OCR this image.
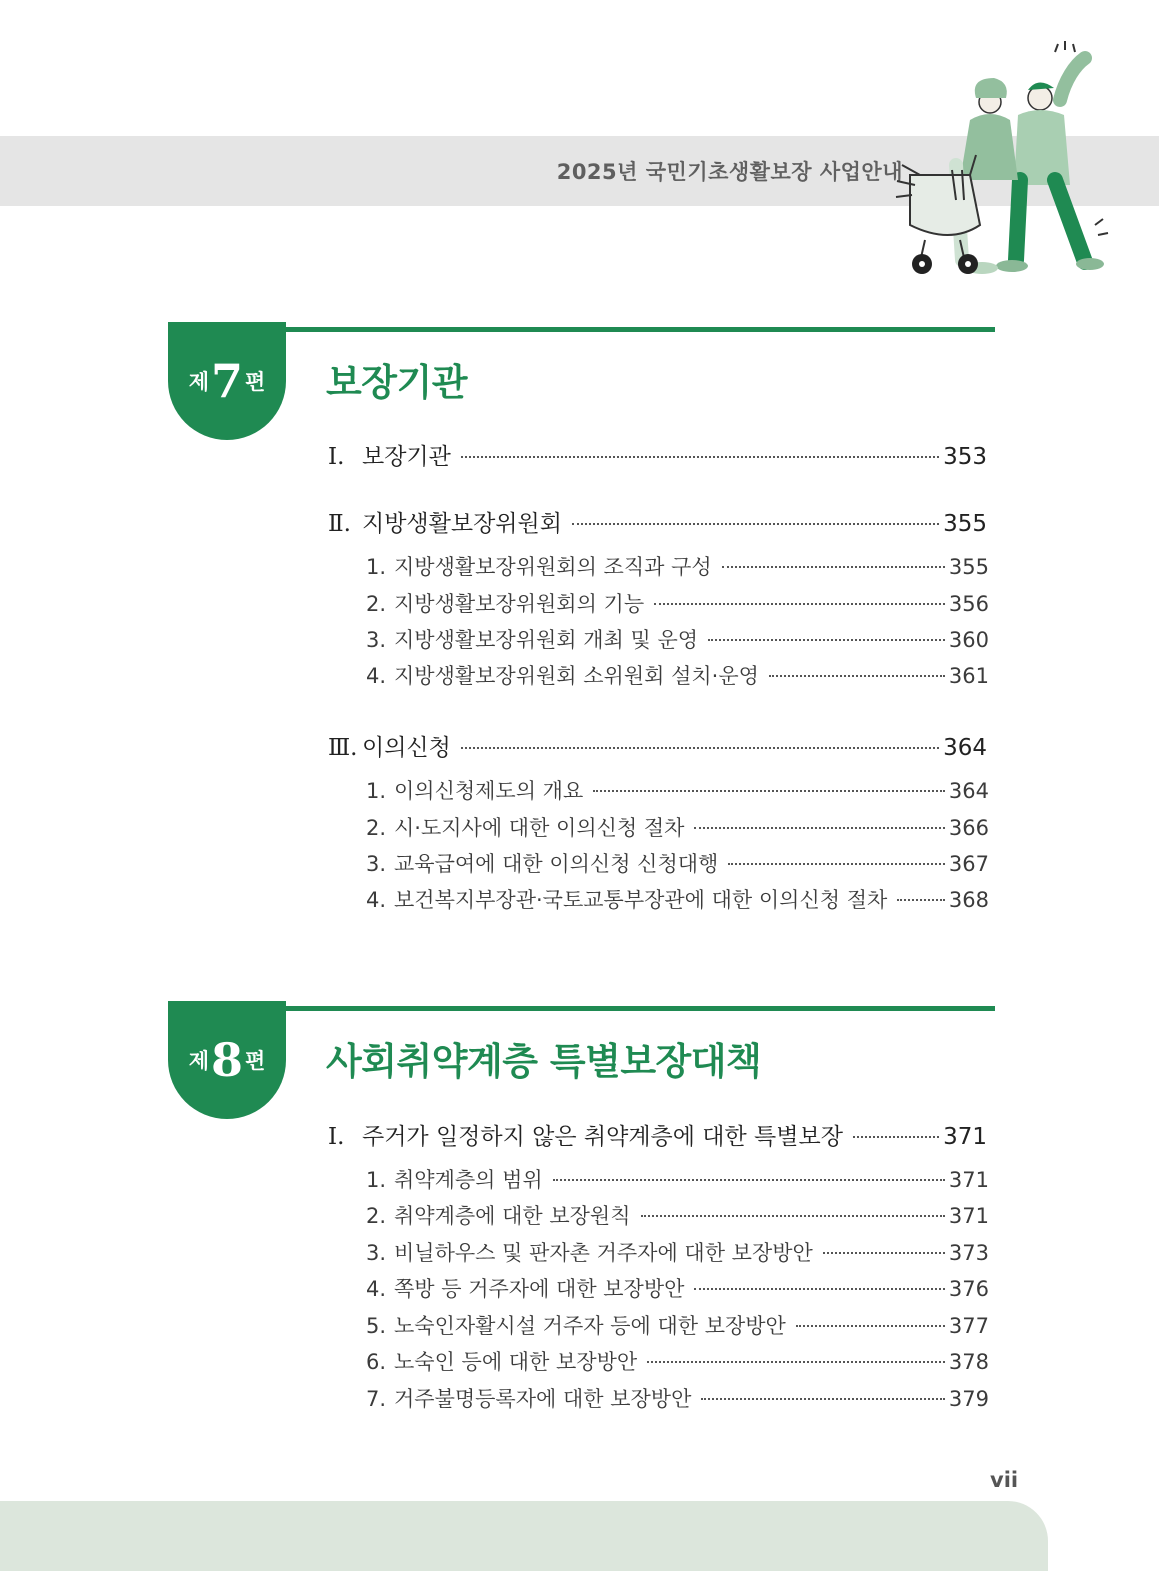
2025년 국민기초생활보장 사업안내
제 7 편 보장기관
Ⅰ. 보장기관	353
Ⅱ. 지방생활보장위원회	355
1. 지방생활보장위원회의 조직과 구성	355
2. 지방생활보장위원회의 기능	356
3. 지방생활보장위원회 개최 및 운영	360
4. 지방생활보장위원회 소위원회 설치·운영	361
Ⅲ. 이의신청	364
1. 이의신청제도의 개요	364
2. 시·도지사에 대한 이의신청 절차	366
3. 교육급여에 대한 이의신청 신청대행	367
4. 보건복지부장관·국토교통부장관에 대한 이의신청 절차	368
제 8 편 사회취약계층 특별보장대책
Ⅰ. 주거가 일정하지 않은 취약계층에 대한 특별보장	371
1. 취약계층의 범위	371
2. 취약계층에 대한 보장원칙	371
3. 비닐하우스 및 판자촌 거주자에 대한 보장방안	373
4. 쪽방 등 거주자에 대한 보장방안	376
5. 노숙인자활시설 거주자 등에 대한 보장방안	377
6. 노숙인 등에 대한 보장방안	378
7. 거주불명등록자에 대한 보장방안	379
vii
